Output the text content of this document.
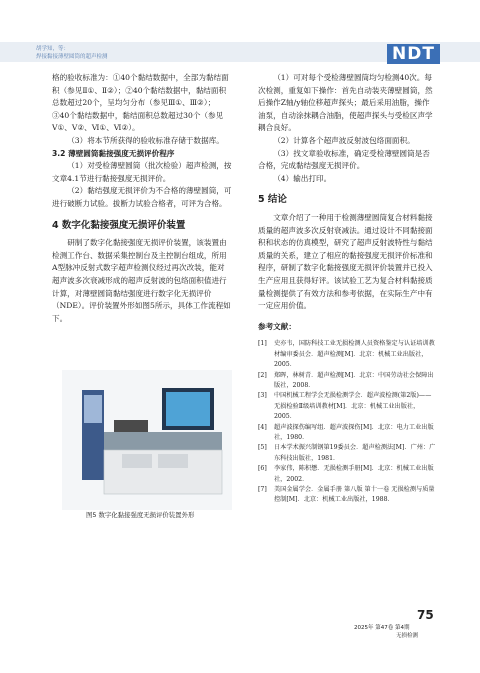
胡学知，等：
焊接黏接薄壁圆筒的超声检测	NDT

格的验收标准为：①40个黏结数据中，全部为黏结面积（参见Ⅱ①、Ⅱ②）；②40个黏结数据中，黏结面积总数超过20个，呈均匀分布（参见Ⅲ①、Ⅲ②）；③40个黏结数据中，黏结面积总数超过30个（参见Ⅴ①、Ⅴ②、Ⅵ①、Ⅵ②）。

（3）将本节所获得的验收标准存储于数据库。

3.2 薄壁圆筒黏接强度无损评价程序

（1）对受检薄壁圆筒（批次检验）超声检测，按文章4.1节进行黏接强度无损评价。

（2）黏结强度无损评价为不合格的薄壁圆筒，可进行破断力试验。拔断力试验合格者，可评为合格。

4 数字化黏接强度无损评价装置

研制了数字化黏接强度无损评价装置，该装置由检测工作台、数据采集控制台及主控制台组成，所用A型脉冲反射式数字超声检测仪经过再次改装，能对超声波多次衰减形成的超声反射波的包络面积值进行计算，对薄壁圆筒黏结强度进行数字化无损评价（NDE）。评价装置外形如图5所示，具体工作流程如下。

图5 数字化黏接强度无损评价装置外形

（1）可对每个受检薄壁圆筒均匀检测40次。每次检测，重复如下操作：首先自动装夹薄壁圆筒，然后操作Z轴/y轴位移超声探头；最后采用油脂，操作油泵，自动涂抹耦合油脂，使超声探头与受检区声学耦合良好。

（2）计算各个超声波反射波包络面面积。

（3）找文章验收标准，确定受检薄壁圆筒是否合格，完成黏结强度无损评价。

（4）输出打印。

5 结论

文章介绍了一种用于检测薄壁圆筒复合材料黏接质量的超声波多次反射衰减法。通过设计不同黏接面积和状态的仿真模型，研究了超声反射波特性与黏结质量的关系，建立了相应的黏接强度无损评价标准和程序，研制了数字化黏接强度无损评价装置并已投入生产应用且获得好评。该试验工艺为复合材料黏接质量检测提供了有效方法和参考依据，在实际生产中有一定应用价值。

参考文献：
[1]	史亦韦，国防科技工业无损检测人员资格鉴定与认证培训教材编审委员会．超声检测[M]．北京：机械工业出版社，2005．
[2]	郑晖，林树青．超声检测[M]．北京：中国劳动社会保障出版社，2008．
[3]	中国机械工程学会无损检测学会．超声波检测(第2版)——无损检验Ⅱ级培训教材[M]．北京：机械工业出版社，2005．
[4]	超声波探伤编写组．超声波探伤[M]．北京：电力工业出版社，1980．
[5]	日本学术振兴制钢第19委员会．超声检测法[M]．广州：广东科技出版社，1981．
[6]	李家伟，陈积懋．无损检测手册[M]．北京：机械工业出版社，2002．
[7]	美国金属学会．金属手册 第八版 第十一卷 无损检测与质量控制[M]．北京：机械工业出版社，1988．
75
2025年 第47卷 第4期
无损检测
